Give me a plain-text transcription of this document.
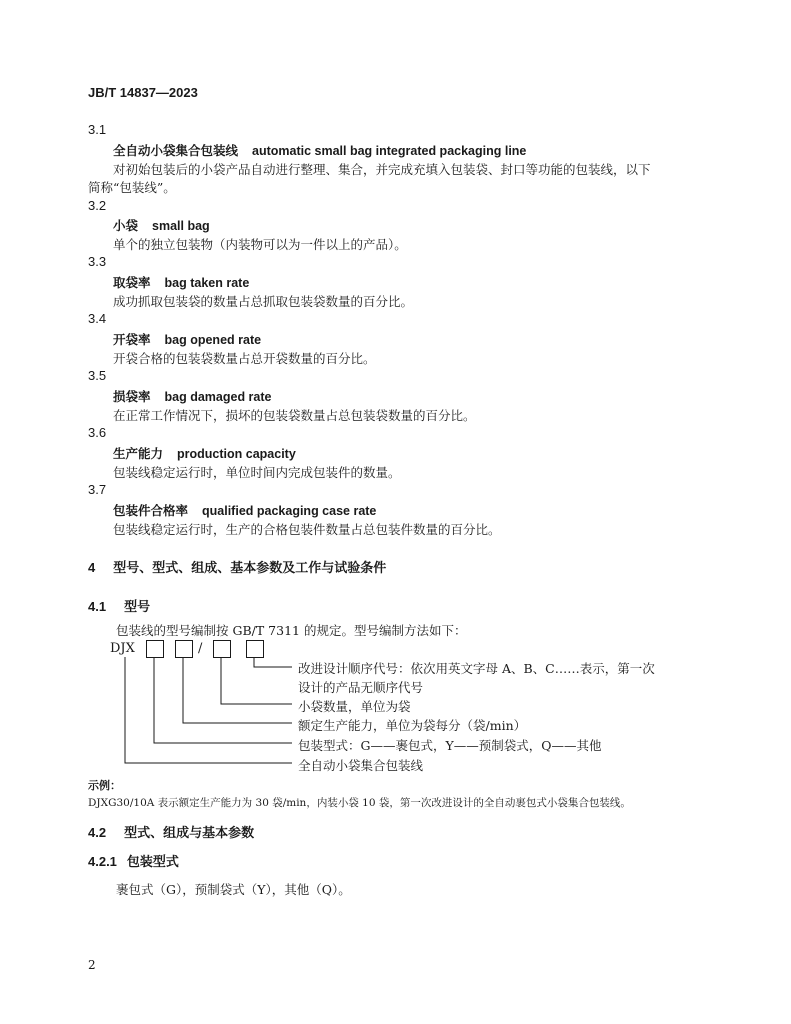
JB/T 14837—2023
3.1
全自动小袋集合包装线 automatic small bag integrated packaging line
对初始包装后的小袋产品自动进行整理、集合，并完成充填入包装袋、封口等功能的包装线，以下
简称“包装线”。
3.2
小袋 small bag
单个的独立包装物（内装物可以为一件以上的产品）。
3.3
取袋率 bag taken rate
成功抓取包装袋的数量占总抓取包装袋数量的百分比。
3.4
开袋率 bag opened rate
开袋合格的包装袋数量占总开袋数量的百分比。
3.5
损袋率 bag damaged rate
在正常工作情况下，损坏的包装袋数量占总包装袋数量的百分比。
3.6
生产能力 production capacity
包装线稳定运行时，单位时间内完成包装件的数量。
3.7
包装件合格率 qualified packaging case rate
包装线稳定运行时，生产的合格包装件数量占总包装件数量的百分比。
4 型号、型式、组成、基本参数及工作与试验条件
4.1 型号
包装线的型号编制按 GB/T 7311 的规定。型号编制方法如下：
DJX	/
改进设计顺序代号：依次用英文字母 A、B、C……表示，第一次
设计的产品无顺序代号
小袋数量，单位为袋
额定生产能力，单位为袋每分（袋/min）
包装型式：G——裹包式，Y——预制袋式，Q——其他
全自动小袋集合包装线
示例：
DJXG30/10A 表示额定生产能力为 30 袋/min，内装小袋 10 袋，第一次改进设计的全自动裹包式小袋集合包装线。
4.2 型式、组成与基本参数
4.2.1 包装型式
裹包式（G），预制袋式（Y），其他（Q）。
2
